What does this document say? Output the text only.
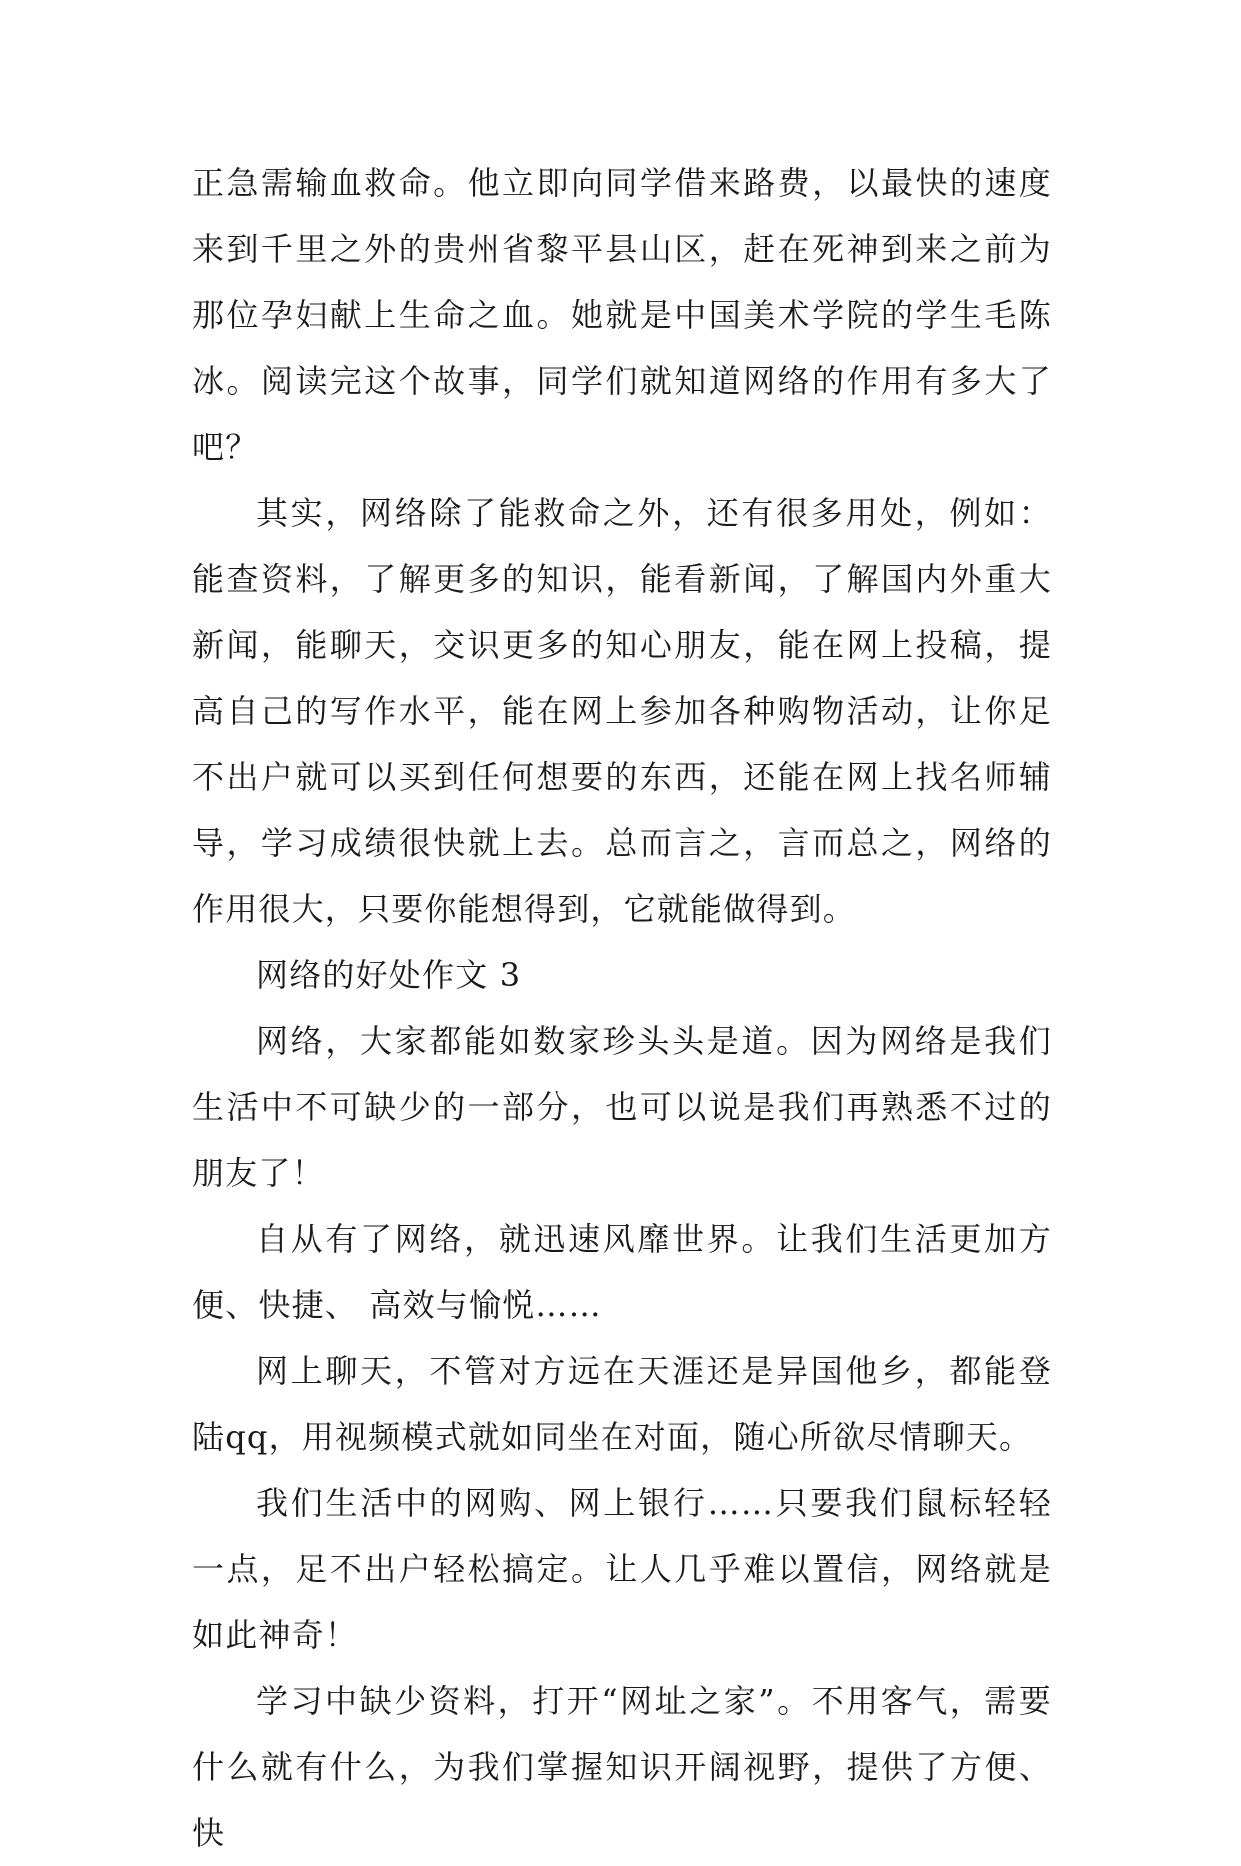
正急需输血救命。他立即向同学借来路费，以最快的速度来到千里之外的贵州省黎平县山区，赶在死神到来之前为那位孕妇献上生命之血。她就是中国美术学院的学生毛陈冰。阅读完这个故事，同学们就知道网络的作用有多大了吧？

其实，网络除了能救命之外，还有很多用处，例如：能查资料，了解更多的知识，能看新闻，了解国内外重大新闻，能聊天，交识更多的知心朋友，能在网上投稿，提高自己的写作水平，能在网上参加各种购物活动，让你足不出户就可以买到任何想要的东西，还能在网上找名师辅导，学习成绩很快就上去。总而言之，言而总之，网络的作用很大，只要你能想得到，它就能做得到。

网络的好处作文 3

网络，大家都能如数家珍头头是道。因为网络是我们生活中不可缺少的一部分，也可以说是我们再熟悉不过的朋友了！

自从有了网络，就迅速风靡世界。让我们生活更加方便、快捷、 高效与愉悦……

网上聊天，不管对方远在天涯还是异国他乡，都能登陆qq，用视频模式就如同坐在对面，随心所欲尽情聊天。

我们生活中的网购、网上银行……只要我们鼠标轻轻一点，足不出户轻松搞定。让人几乎难以置信，网络就是如此神奇！

学习中缺少资料，打开“网址之家”。不用客气，需要什么就有什么，为我们掌握知识开阔视野，提供了方便、快
